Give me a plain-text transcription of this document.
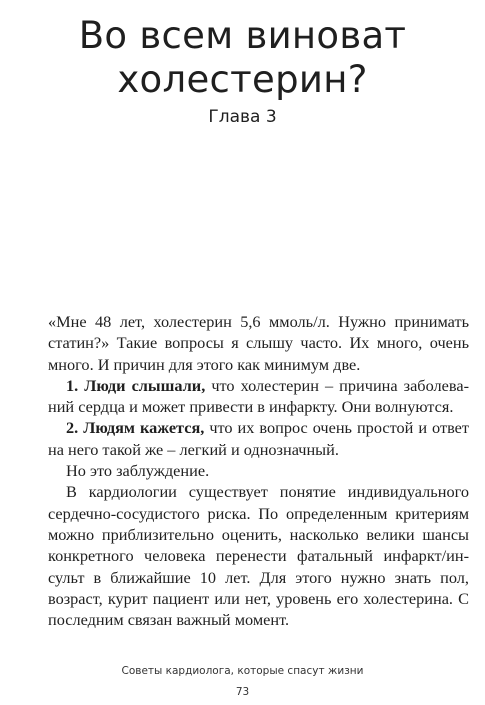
Во всем виноват
холестерин?
Глава 3

«Мне 48 лет, холестерин 5,6 ммоль/л. Нужно принимать статин?» Такие вопросы я слышу часто. Их много, очень много. И причин для этого как минимум две.

1. Люди слышали, что холестерин – причина заболеваний сердца и может привести в инфаркту. Они волнуются.

2. Людям кажется, что их вопрос очень простой и ответ на него такой же – легкий и однозначный.

Но это заблуждение.

В кардиологии существует понятие индивидуального сердечно-сосудистого риска. По определенным критериям можно приблизительно оценить, насколько велики шансы конкретного человека перенести фатальный инфаркт/инсульт в ближайшие 10 лет. Для этого нужно знать пол, возраст, курит пациент или нет, уровень его холестерина. С последним связан важный момент.

Советы кардиолога, которые спасут жизни
73
